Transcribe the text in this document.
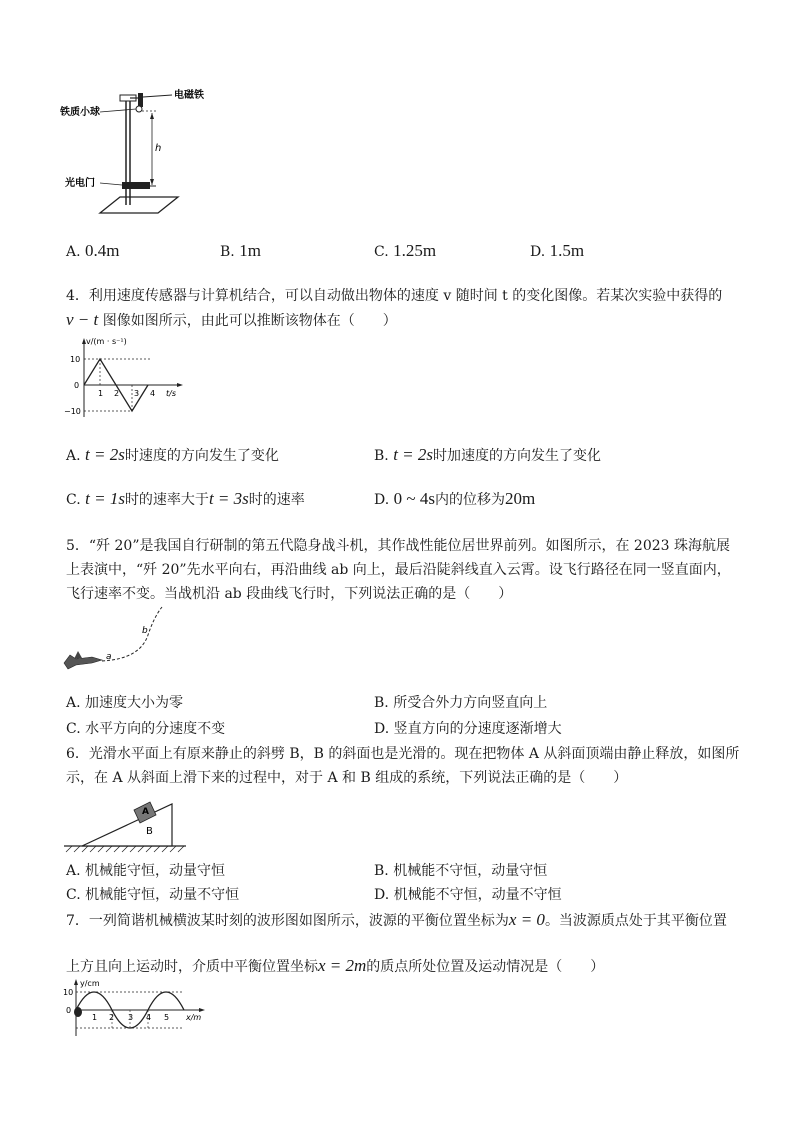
电磁铁
铁质小球
h
光电门
A. 0.4m	B. 1m	C. 1.25m	D. 1.5m
4．利用速度传感器与计算机结合，可以自动做出物体的速度 v 随时间 t 的变化图像。若某次实验中获得的
v − t 图像如图所示，由此可以推断该物体在（　　）
v/(m · s⁻¹)
10
0
−10
1 2 3 4 t/s
A. t = 2s时速度的方向发生了变化	B. t = 2s时加速度的方向发生了变化
C. t = 1s时的速率大于t = 3s时的速率	D. 0 ~ 4s内的位移为20m
5．“歼 20”是我国自行研制的第五代隐身战斗机，其作战性能位居世界前列。如图所示，在 2023 珠海航展
上表演中，“歼 20”先水平向右，再沿曲线 ab 向上，最后沿陡斜线直入云霄。设飞行路径在同一竖直面内，
飞行速率不变。当战机沿 ab 段曲线飞行时，下列说法正确的是（　　）
a
b
A. 加速度大小为零	B. 所受合外力方向竖直向上
C. 水平方向的分速度不变	D. 竖直方向的分速度逐渐增大
6．光滑水平面上有原来静止的斜劈 B，B 的斜面也是光滑的。现在把物体 A 从斜面顶端由静止释放，如图所
示，在 A 从斜面上滑下来的过程中，对于 A 和 B 组成的系统，下列说法正确的是（　　）
A
B
A. 机械能守恒，动量守恒	B. 机械能不守恒，动量守恒
C. 机械能守恒，动量不守恒	D. 机械能不守恒，动量不守恒
7．一列简谐机械横波某时刻的波形图如图所示，波源的平衡位置坐标为x = 0。当波源质点处于其平衡位置
上方且向上运动时，介质中平衡位置坐标x = 2m的质点所处位置及运动情况是（　　）
y/cm
10
0
1 2 3 4 5 x/m
